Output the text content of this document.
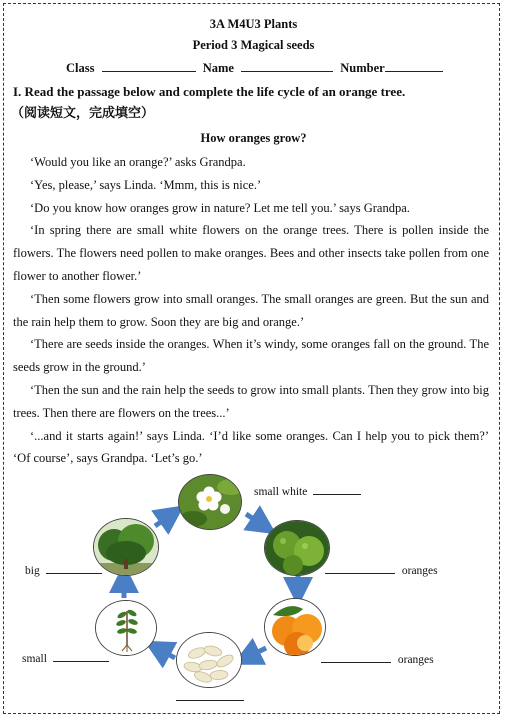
3A M4U3 Plants
Period 3 Magical seeds
Class	Name	Number
I. Read the passage below and complete the life cycle of an orange tree.
（阅读短文，完成填空）
How oranges grow?

‘Would you like an orange?’ asks Grandpa.

‘Yes, please,’ says Linda. ‘Mmm, this is nice.’

‘Do you know how oranges grow in nature? Let me tell you.’ says Grandpa.

‘In spring there are small white flowers on the orange trees. There is pollen inside the flowers. The flowers need pollen to make oranges. Bees and other insects take pollen from one flower to another flower.’

‘Then some flowers grow into small oranges. The small oranges are green. But the sun and the rain help them to grow. Soon they are big and orange.’

‘There are seeds inside the oranges. When it’s windy, some oranges fall on the ground. The seeds grow in the ground.’

‘Then the sun and the rain help the seeds to grow into small plants. Then they grow into big trees. Then there are flowers on the trees...’

‘...and it starts again!’ says Linda. ‘I’d like some oranges. Can I help you to pick them?’ ‘Of course’, says Grandpa. ‘Let’s go.’

small white
oranges
oranges
small
big
